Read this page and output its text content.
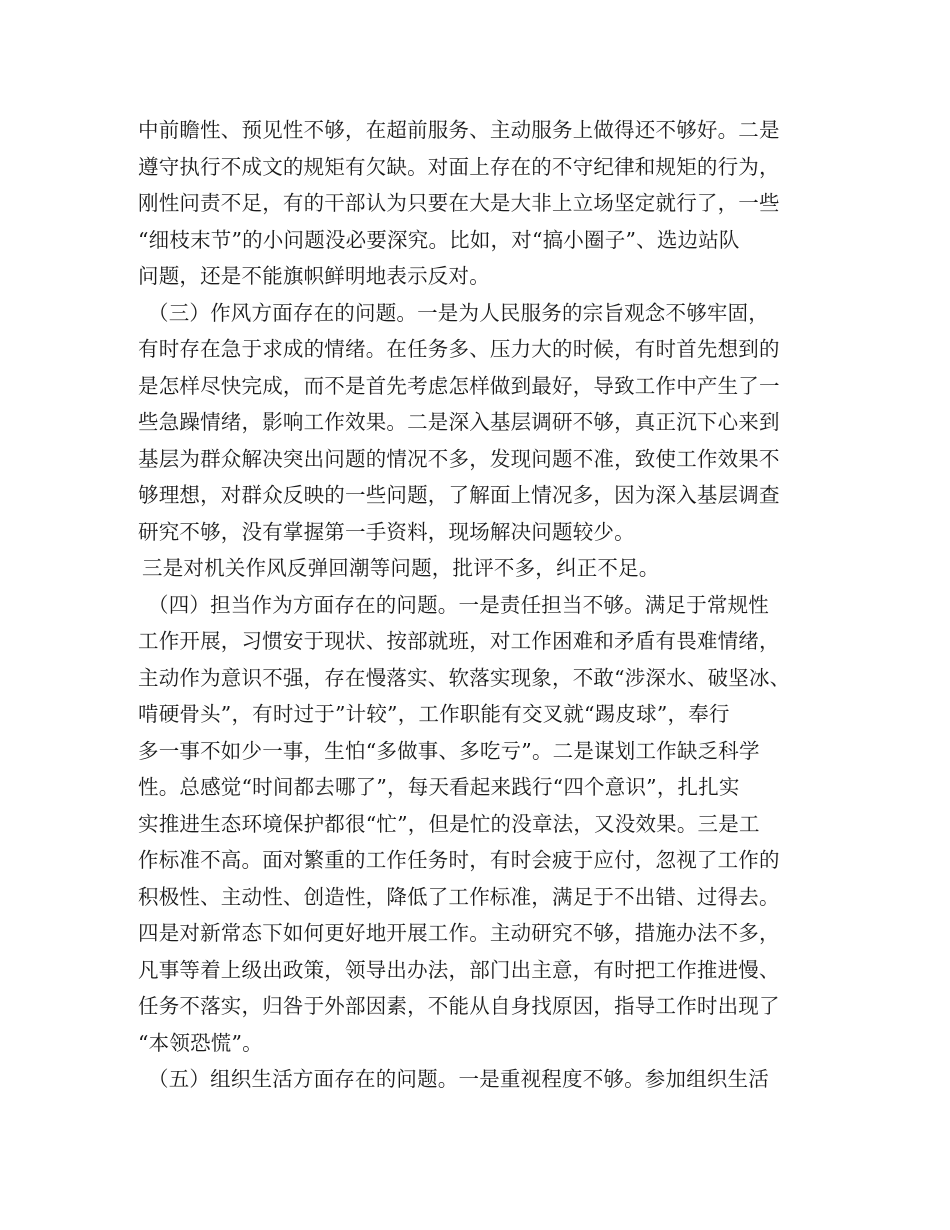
中前瞻性、预见性不够，在超前服务、主动服务上做得还不够好。二是
遵守执行不成文的规矩有欠缺。对面上存在的不守纪律和规矩的行为，
刚性问责不足，有的干部认为只要在大是大非上立场坚定就行了，一些
“细枝末节”的小问题没必要深究。比如，对“搞小圈子”、选边站队
问题，还是不能旗帜鲜明地表示反对。
（三）作风方面存在的问题。一是为人民服务的宗旨观念不够牢固，
有时存在急于求成的情绪。在任务多、压力大的时候，有时首先想到的
是怎样尽快完成，而不是首先考虑怎样做到最好，导致工作中产生了一
些急躁情绪，影响工作效果。二是深入基层调研不够，真正沉下心来到
基层为群众解决突出问题的情况不多，发现问题不准，致使工作效果不
够理想，对群众反映的一些问题，了解面上情况多，因为深入基层调查
研究不够，没有掌握第一手资料，现场解决问题较少。
三是对机关作风反弹回潮等问题，批评不多，纠正不足。
（四）担当作为方面存在的问题。一是责任担当不够。满足于常规性
工作开展，习惯安于现状、按部就班，对工作困难和矛盾有畏难情绪，
主动作为意识不强，存在慢落实、软落实现象，不敢“涉深水、破坚冰、
啃硬骨头”，有时过于”计较”，工作职能有交叉就“踢皮球”，奉行
多一事不如少一事，生怕“多做事、多吃亏”。二是谋划工作缺乏科学
性。总感觉“时间都去哪了”，每天看起来践行“四个意识”，扎扎实
实推进生态环境保护都很“忙”，但是忙的没章法，又没效果。三是工
作标准不高。面对繁重的工作任务时，有时会疲于应付，忽视了工作的
积极性、主动性、创造性，降低了工作标准，满足于不出错、过得去。
四是对新常态下如何更好地开展工作。主动研究不够，措施办法不多，
凡事等着上级出政策，领导出办法，部门出主意，有时把工作推进慢、
任务不落实，归咎于外部因素，不能从自身找原因，指导工作时出现了
“本领恐慌”。
（五）组织生活方面存在的问题。一是重视程度不够。参加组织生活
